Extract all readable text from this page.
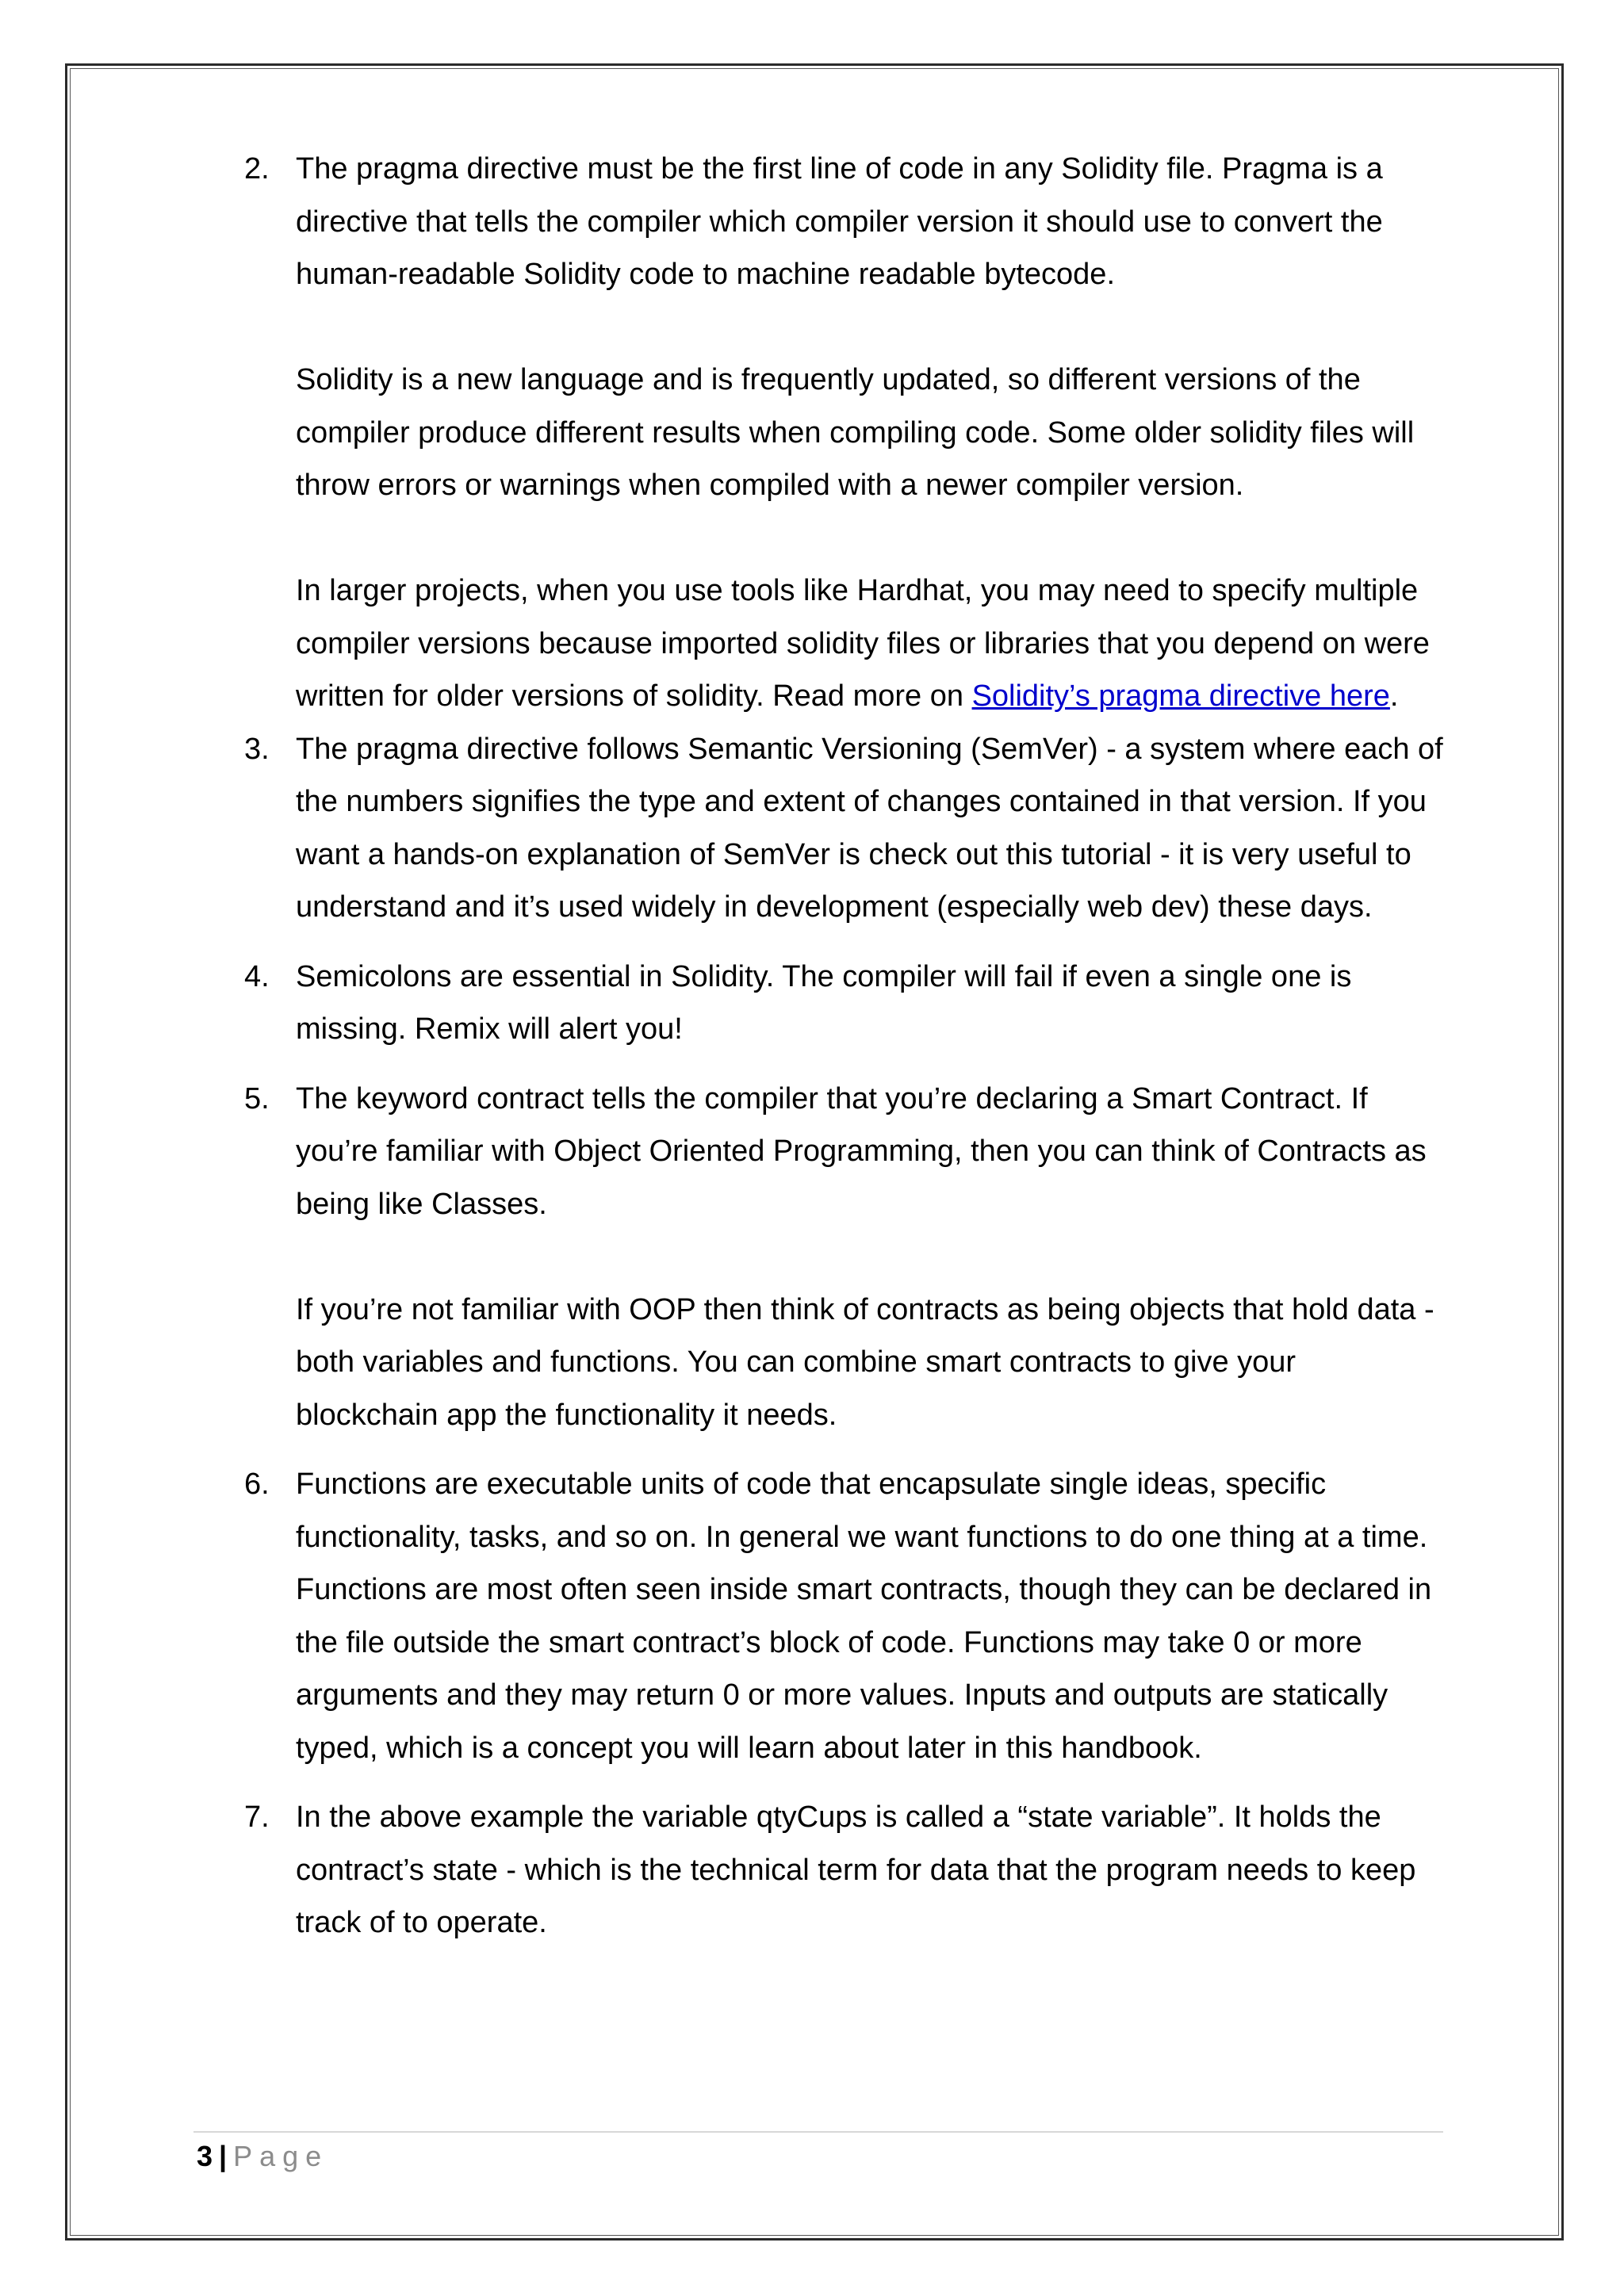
2. The pragma directive must be the first line of code in any Solidity file. Pragma is a directive that tells the compiler which compiler version it should use to convert the human-readable Solidity code to machine readable bytecode.

Solidity is a new language and is frequently updated, so different versions of the compiler produce different results when compiling code. Some older solidity files will throw errors or warnings when compiled with a newer compiler version.

In larger projects, when you use tools like Hardhat, you may need to specify multiple compiler versions because imported solidity files or libraries that you depend on were written for older versions of solidity. Read more on Solidity’s pragma directive here.

3. The pragma directive follows Semantic Versioning (SemVer) - a system where each of the numbers signifies the type and extent of changes contained in that version. If you want a hands-on explanation of SemVer is check out this tutorial - it is very useful to understand and it’s used widely in development (especially web dev) these days.

4. Semicolons are essential in Solidity. The compiler will fail if even a single one is missing. Remix will alert you!

5. The keyword contract tells the compiler that you’re declaring a Smart Contract. If you’re familiar with Object Oriented Programming, then you can think of Contracts as being like Classes.

If you’re not familiar with OOP then think of contracts as being objects that hold data - both variables and functions. You can combine smart contracts to give your blockchain app the functionality it needs.

6. Functions are executable units of code that encapsulate single ideas, specific functionality, tasks, and so on. In general we want functions to do one thing at a time.

Functions are most often seen inside smart contracts, though they can be declared in the file outside the smart contract’s block of code. Functions may take 0 or more arguments and they may return 0 or more values. Inputs and outputs are statically typed, which is a concept you will learn about later in this handbook.

7. In the above example the variable qtyCups is called a “state variable”. It holds the contract’s state - which is the technical term for data that the program needs to keep track of to operate.

3 | Page
